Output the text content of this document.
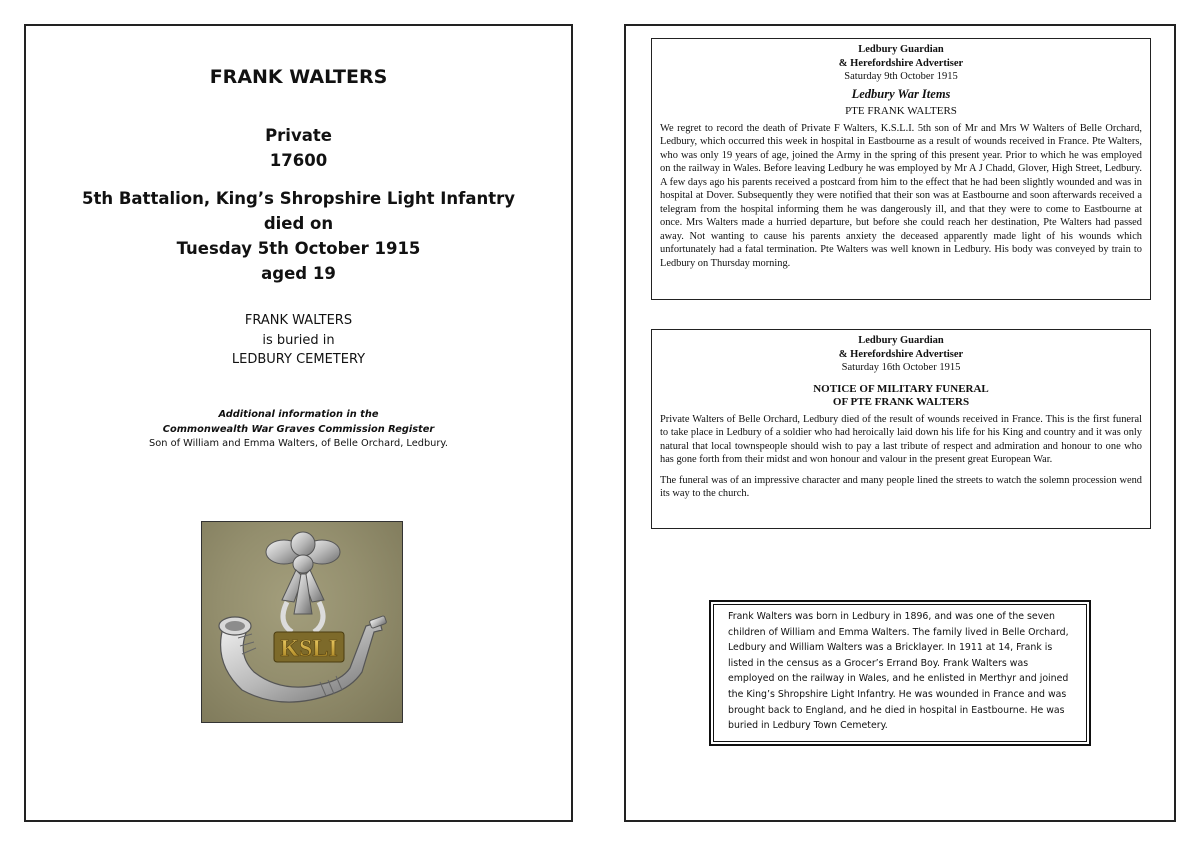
FRANK WALTERS
Private
17600
5th Battalion, King’s Shropshire Light Infantry
died on
Tuesday 5th October 1915
aged 19
FRANK WALTERS
is buried in
LEDBURY CEMETERY
Additional information in the
Commonwealth War Graves Commission Register
Son of William and Emma Walters, of Belle Orchard, Ledbury.
KSLI
Ledbury Guardian
& Herefordshire Advertiser
Saturday 9th October 1915
Ledbury War Items
PTE FRANK WALTERS

We regret to record the death of Private F Walters, K.S.L.I. 5th son of Mr and Mrs W Walters of Belle Orchard, Ledbury, which occurred this week in hospital in Eastbourne as a result of wounds received in France. Pte Walters, who was only 19 years of age, joined the Army in the spring of this present year. Prior to which he was employed on the railway in Wales. Before leaving Ledbury he was employed by Mr A J Chadd, Glover, High Street, Ledbury. A few days ago his parents received a postcard from him to the effect that he had been slightly wounded and was in hospital at Dover. Subsequently they were notified that their son was at Eastbourne and soon afterwards received a telegram from the hospital informing them he was dangerously ill, and that they were to come to Eastbourne at once. Mrs Walters made a hurried departure, but before she could reach her destination, Pte Walters had passed away. Not wanting to cause his parents anxiety the deceased apparently made light of his wounds which unfortunately had a fatal termination. Pte Walters was well known in Ledbury. His body was conveyed by train to Ledbury on Thursday morning.

Ledbury Guardian
& Herefordshire Advertiser
Saturday 16th October 1915
NOTICE OF MILITARY FUNERAL
OF PTE FRANK WALTERS

Private Walters of Belle Orchard, Ledbury died of the result of wounds received in France. This is the first funeral to take place in Ledbury of a soldier who had heroically laid down his life for his King and country and it was only natural that local townspeople should wish to pay a last tribute of respect and admiration and honour to one who has gone forth from their midst and won honour and valour in the present great European War.

The funeral was of an impressive character and many people lined the streets to watch the solemn procession wend its way to the church.

Frank Walters was born in Ledbury in 1896, and was one of the seven children of William and Emma Walters. The family lived in Belle Orchard, Ledbury and William Walters was a Bricklayer. In 1911 at 14, Frank is listed in the census as a Grocer’s Errand Boy. Frank Walters was employed on the railway in Wales, and he enlisted in Merthyr and joined the King’s Shropshire Light Infantry. He was wounded in France and was brought back to England, and he died in hospital in Eastbourne. He was buried in Ledbury Town Cemetery.
